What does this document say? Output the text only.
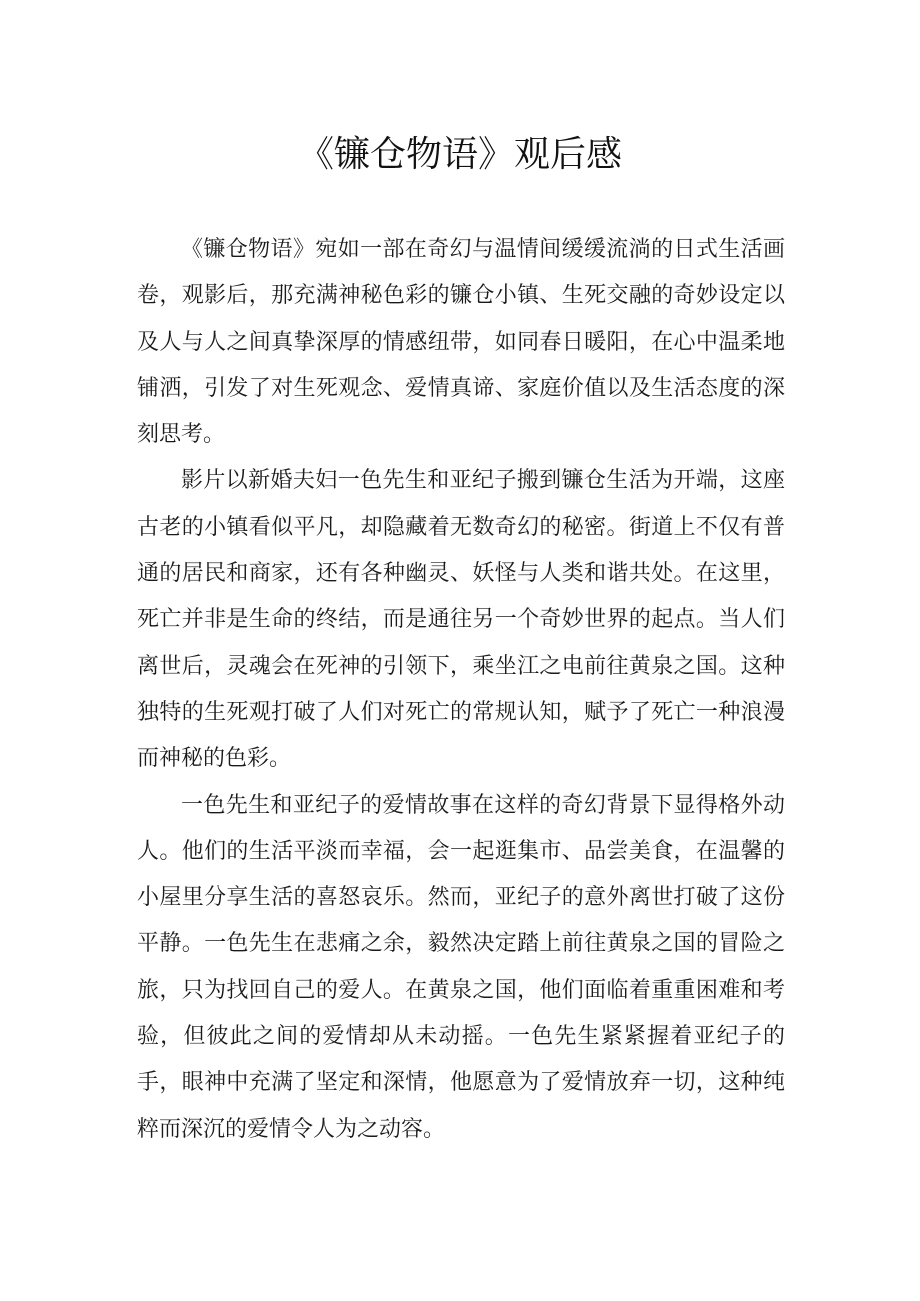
《镰仓物语》观后感

《镰仓物语》宛如一部在奇幻与温情间缓缓流淌的日式生活画卷，观影后，那充满神秘色彩的镰仓小镇、生死交融的奇妙设定以及人与人之间真挚深厚的情感纽带，如同春日暖阳，在心中温柔地铺洒，引发了对生死观念、爱情真谛、家庭价值以及生活态度的深刻思考。

影片以新婚夫妇一色先生和亚纪子搬到镰仓生活为开端，这座古老的小镇看似平凡，却隐藏着无数奇幻的秘密。街道上不仅有普通的居民和商家，还有各种幽灵、妖怪与人类和谐共处。在这里，死亡并非是生命的终结，而是通往另一个奇妙世界的起点。当人们离世后，灵魂会在死神的引领下，乘坐江之电前往黄泉之国。这种独特的生死观打破了人们对死亡的常规认知，赋予了死亡一种浪漫而神秘的色彩。

一色先生和亚纪子的爱情故事在这样的奇幻背景下显得格外动人。他们的生活平淡而幸福，会一起逛集市、品尝美食，在温馨的小屋里分享生活的喜怒哀乐。然而，亚纪子的意外离世打破了这份平静。一色先生在悲痛之余，毅然决定踏上前往黄泉之国的冒险之旅，只为找回自己的爱人。在黄泉之国，他们面临着重重困难和考验，但彼此之间的爱情却从未动摇。一色先生紧紧握着亚纪子的手，眼神中充满了坚定和深情，他愿意为了爱情放弃一切，这种纯粹而深沉的爱情令人为之动容。
